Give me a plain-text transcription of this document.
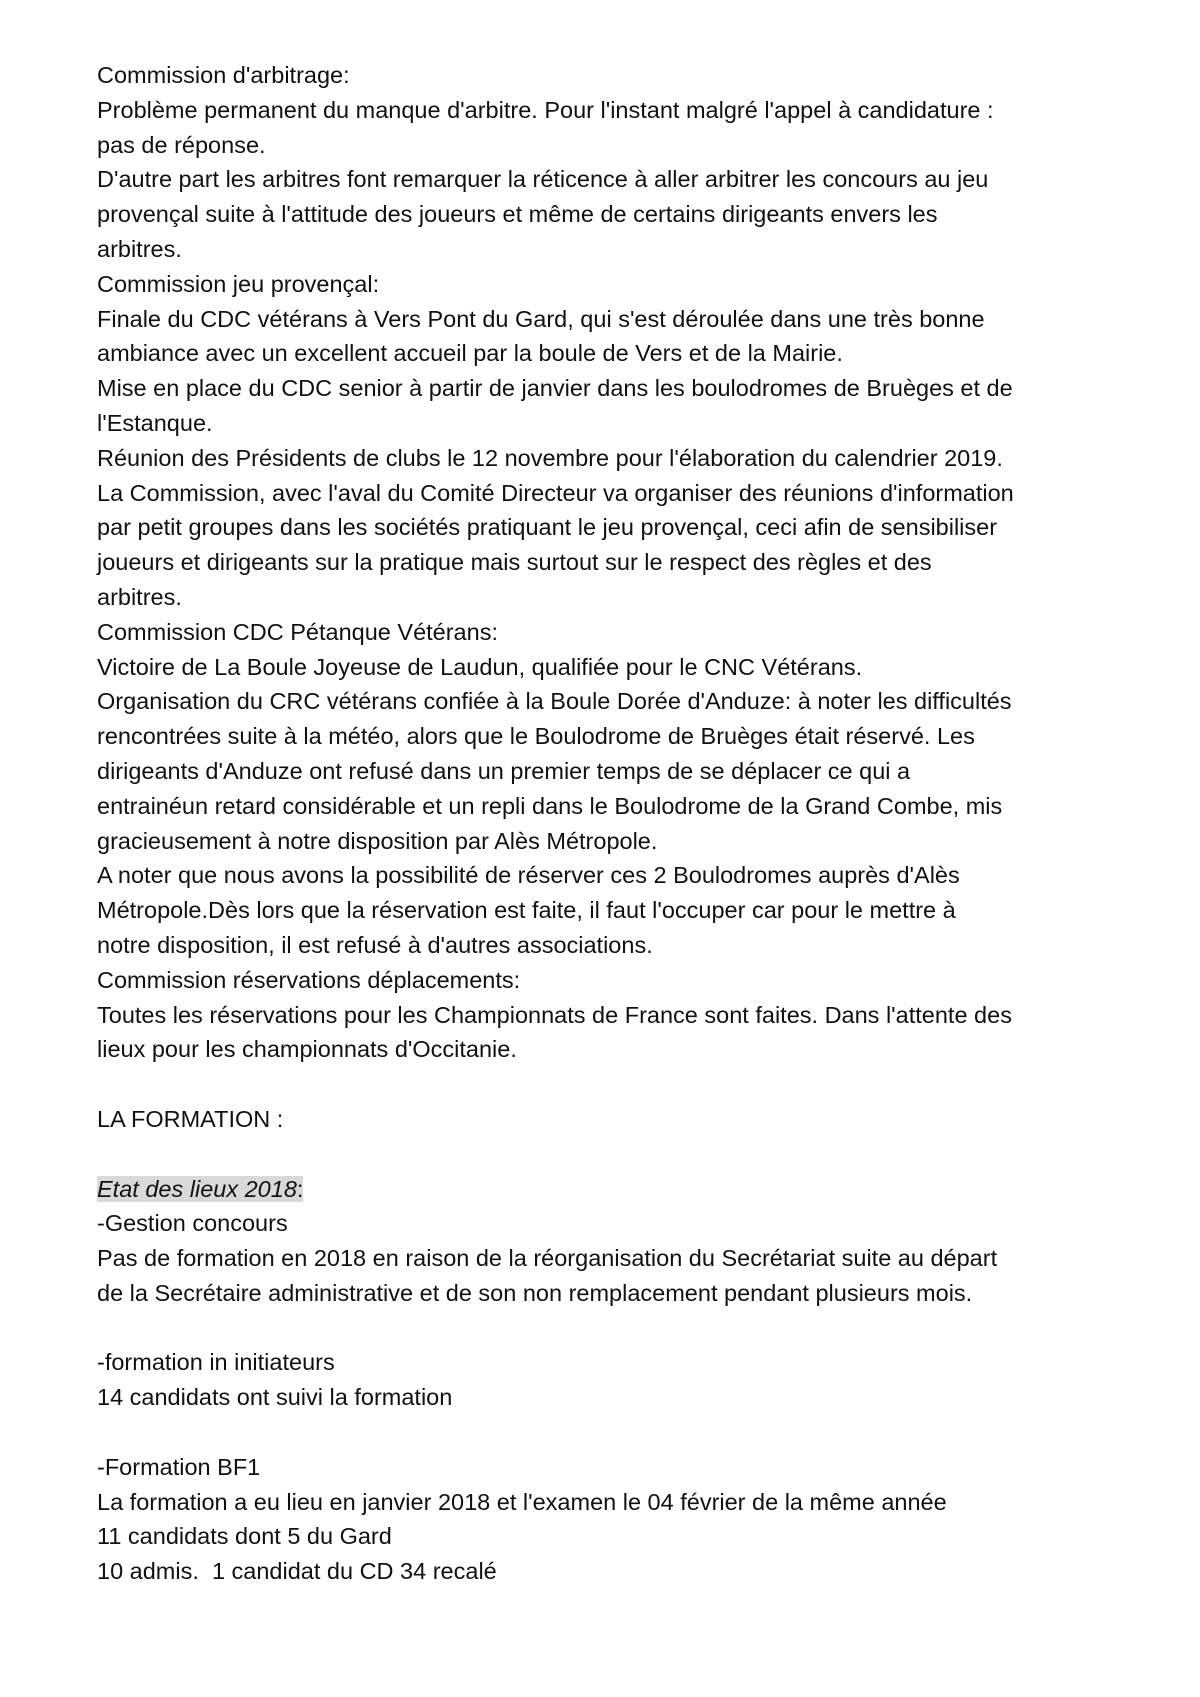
Commission d'arbitrage:
Problème permanent du manque d'arbitre. Pour l'instant malgré l'appel à candidature :
pas de réponse.
D'autre part les arbitres font remarquer la réticence à aller arbitrer les concours au jeu
provençal suite à l'attitude des joueurs et même de certains dirigeants envers les
arbitres.
Commission jeu provençal:
Finale du CDC vétérans à Vers Pont du Gard, qui s'est déroulée dans une très bonne
ambiance avec un excellent accueil par la boule de Vers et de la Mairie.
Mise en place du CDC senior à partir de janvier dans les boulodromes de Bruèges et de
l'Estanque.
Réunion des Présidents de clubs le 12 novembre pour l'élaboration du calendrier 2019.
La Commission, avec l'aval du Comité Directeur va organiser des réunions d'information
par petit groupes dans les sociétés pratiquant le jeu provençal, ceci afin de sensibiliser
joueurs et dirigeants sur la pratique mais surtout sur le respect des règles et des
arbitres.
Commission CDC Pétanque Vétérans:
Victoire de La Boule Joyeuse de Laudun, qualifiée pour le CNC Vétérans.
Organisation du CRC vétérans confiée à la Boule Dorée d'Anduze: à noter les difficultés
rencontrées suite à la météo, alors que le Boulodrome de Bruèges était réservé. Les
dirigeants d'Anduze ont refusé dans un premier temps de se déplacer ce qui a
entrainéun retard considérable et un repli dans le Boulodrome de la Grand Combe, mis
gracieusement à notre disposition par Alès Métropole.
A noter que nous avons la possibilité de réserver ces 2 Boulodromes auprès d'Alès
Métropole.Dès lors que la réservation est faite, il faut l'occuper car pour le mettre à
notre disposition, il est refusé à d'autres associations.
Commission réservations déplacements:
Toutes les réservations pour les Championnats de France sont faites. Dans l'attente des
lieux pour les championnats d'Occitanie.
LA FORMATION :
Etat des lieux 2018:
-Gestion concours
Pas de formation en 2018 en raison de la réorganisation du Secrétariat suite au départ
de la Secrétaire administrative et de son non remplacement pendant plusieurs mois.
-formation in initiateurs
14 candidats ont suivi la formation
-Formation BF1
La formation a eu lieu en janvier 2018 et l'examen le 04 février de la même année
11 candidats dont 5 du Gard
10 admis.  1 candidat du CD 34 recalé
